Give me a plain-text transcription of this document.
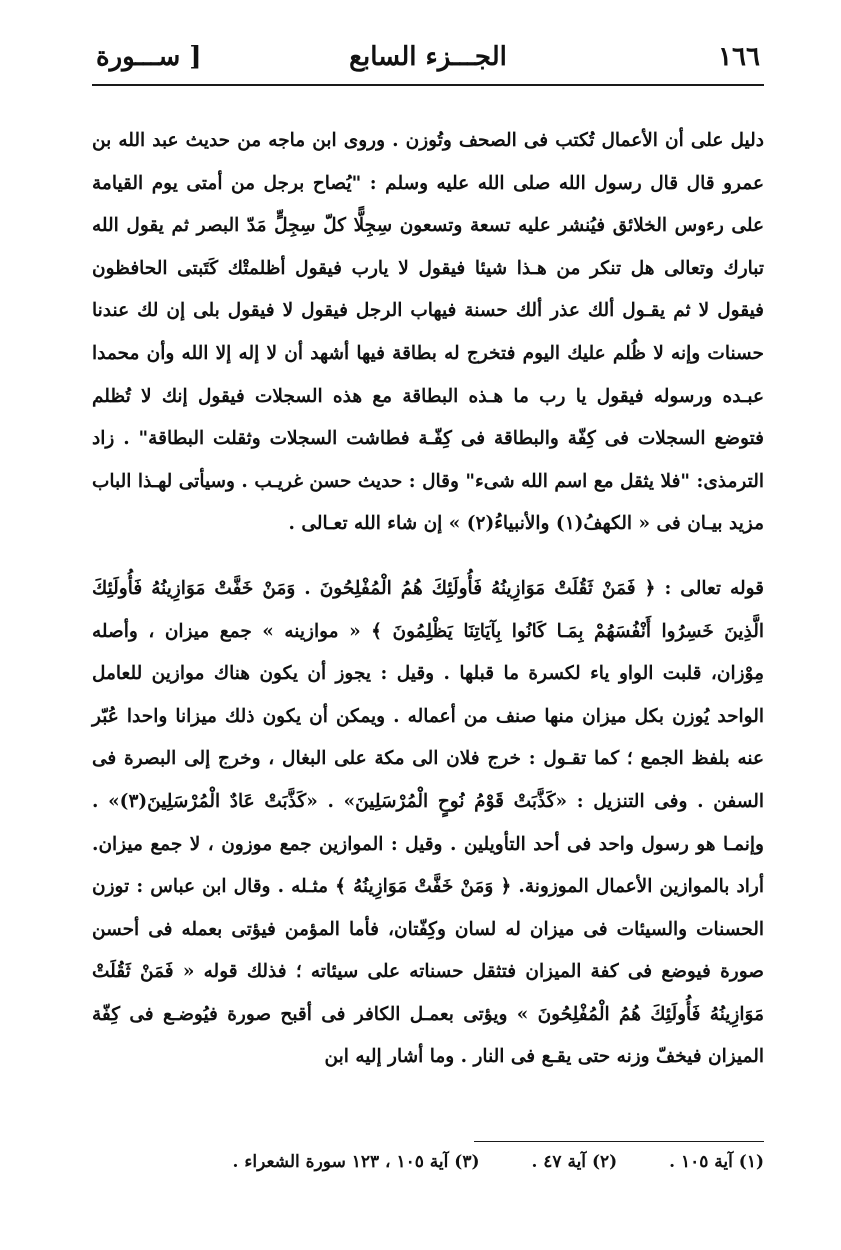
١٦٦
الجـــزء السابع
[ ســـورة

دليل على أن الأعمال تُكتب فى الصحف وتُوزن . وروى ابن ماجه من حديث عبد الله بن عمرو قال قال رسول الله صلى الله عليه وسلم : "يُصاح برجل من أمتى يوم القيامة على رءوس الخلائق فيُنشر عليه تسعة وتسعون سِجِلًّا كلّ سِجِلٍّ مَدّ البصر ثم يقول الله تبارك وتعالى هل تنكر من هـذا شيئا فيقول لا يارب فيقول أظلمتْك كَتَبتى الحافظون فيقول لا ثم يقـول ألك عذر ألك حسنة فيهاب الرجل فيقول لا فيقول بلى إن لك عندنا حسنات وإنه لا ظُلم عليك اليوم فتخرج له بطاقة فيها أشهد أن لا إله إلا الله وأن محمدا عبـده ورسوله فيقول يا رب ما هـذه البطاقة مع هذه السجلات فيقول إنك لا تُظلم فتوضع السجلات فى كِفّة والبطاقة فى كِفّـة فطاشت السجلات وثقلت البطاقة" . زاد الترمذى: "فلا يثقل مع اسم الله شىء" وقال : حديث حسن غريـب . وسيأتى لهـذا الباب مزيد بيـان فى « الكهفُ(١) والأنبياءُ(٢) » إن شاء الله تعـالى .

قوله تعالى : ﴿ فَمَنْ ثَقُلَتْ مَوَازِينُهُ فَأُولَئِكَ هُمُ الْمُفْلِحُونَ . وَمَنْ خَفَّتْ مَوَازِينُهُ فَأُولَئِكَ الَّذِينَ خَسِرُوا أَنْفُسَهُمْ بِمَـا كَانُوا بِآيَاتِنَا يَظْلِمُونَ ﴾ « موازينه » جمع ميزان ، وأصله مِوْزان، قلبت الواو ياء لكسرة ما قبلها . وقيل : يجوز أن يكون هناك موازين للعامل الواحد يُوزن بكل ميزان منها صنف من أعماله . ويمكن أن يكون ذلك ميزانا واحدا عُبّر عنه بلفظ الجمع ؛ كما تقـول : خرج فلان الى مكة على البغال ، وخرج إلى البصرة فى السفن . وفى التنزيل : «كَذَّبَتْ قَوْمُ نُوحٍ الْمُرْسَلِينَ» . «كَذَّبَتْ عَادٌ الْمُرْسَلِينَ(٣)» . وإنمـا هو رسول واحد فى أحد التأويلين . وقيل : الموازين جمع موزون ، لا جمع ميزان. أراد بالموازين الأعمال الموزونة. ﴿ وَمَنْ خَفَّتْ مَوَازِينُهُ ﴾ مثـله . وقال ابن عباس : توزن الحسنات والسيئات فى ميزان له لسان وكِفّتان، فأما المؤمن فيؤتى بعمله فى أحسن صورة فيوضع فى كفة الميزان فتثقل حسناته على سيئاته ؛ فذلك قوله « فَمَنْ ثَقُلَتْ مَوَازِينُهُ فَأُولَئِكَ هُمُ الْمُفْلِحُونَ » ويؤتى بعمـل الكافر فى أقبح صورة فيُوضـع فى كِفّة الميزان فيخفّ وزنه حتى يقـع فى النار . وما أشار إليه ابن

(١) آية ١٠٥ . (٢) آية ٤٧ . (٣) آية ١٠٥ ، ١٢٣ سورة الشعراء .
